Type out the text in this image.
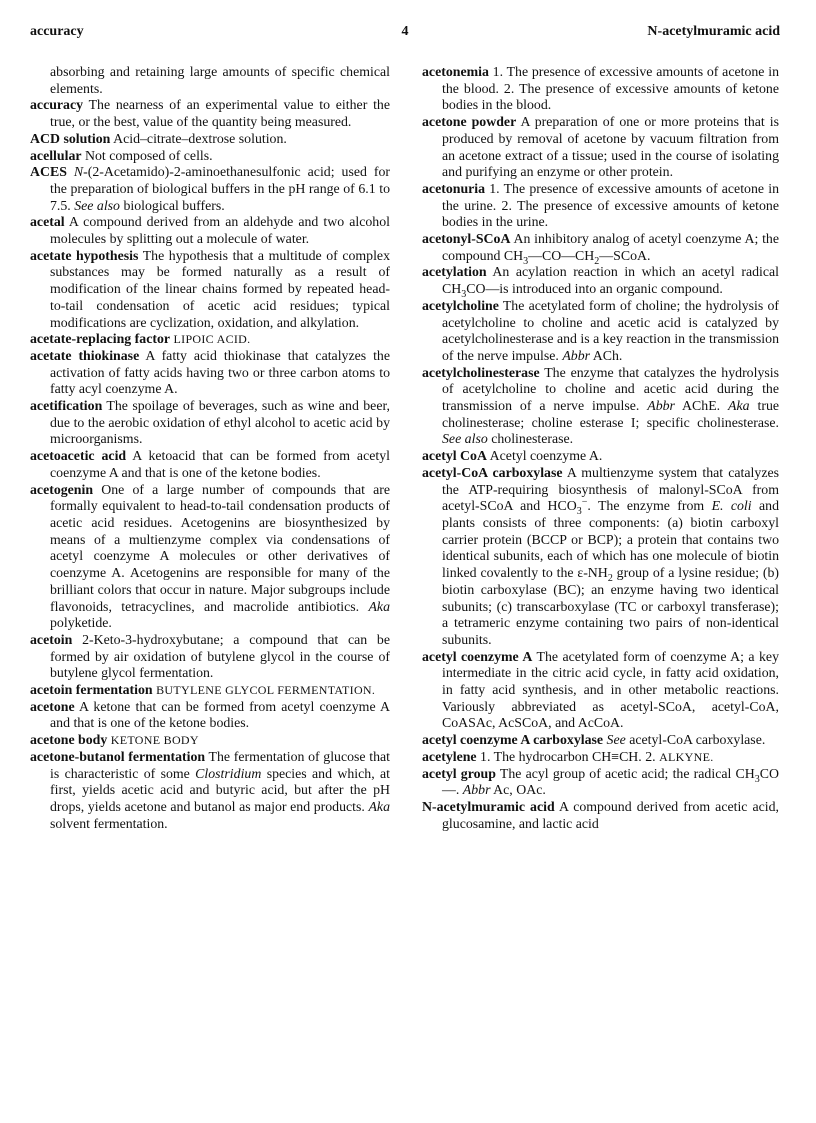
accuracy	4	N-acetylmuramic acid

absorbing and retaining large amounts of specific chemical elements.

accuracy The nearness of an experimental value to either the true, or the best, value of the quantity being measured.

ACD solution Acid–citrate–dextrose solution.

acellular Not composed of cells.

ACES N-(2-Acetamido)-2-aminoethanesulfonic acid; used for the preparation of biological buffers in the pH range of 6.1 to 7.5. See also biological buffers.

acetal A compound derived from an aldehyde and two alcohol molecules by splitting out a molecule of water.

acetate hypothesis The hypothesis that a multitude of complex substances may be formed naturally as a result of modification of the linear chains formed by repeated head-to-tail condensation of acetic acid residues; typical modifications are cyclization, oxidation, and alkylation.

acetate-replacing factor LIPOIC ACID.

acetate thiokinase A fatty acid thiokinase that catalyzes the activation of fatty acids having two or three carbon atoms to fatty acyl coenzyme A.

acetification The spoilage of beverages, such as wine and beer, due to the aerobic oxidation of ethyl alcohol to acetic acid by microorganisms.

acetoacetic acid A ketoacid that can be formed from acetyl coenzyme A and that is one of the ketone bodies.

acetogenin One of a large number of compounds that are formally equivalent to head-to-tail condensation products of acetic acid residues. Acetogenins are biosynthesized by means of a multienzyme complex via condensations of acetyl coenzyme A molecules or other derivatives of coenzyme A. Acetogenins are responsible for many of the brilliant colors that occur in nature. Major subgroups include flavonoids, tetracyclines, and macrolide antibiotics. Aka polyketide.

acetoin 2-Keto-3-hydroxybutane; a compound that can be formed by air oxidation of butylene glycol in the course of butylene glycol fermentation.

acetoin fermentation BUTYLENE GLYCOL FERMENTATION.

acetone A ketone that can be formed from acetyl coenzyme A and that is one of the ketone bodies.

acetone body KETONE BODY

acetone-butanol fermentation The fermentation of glucose that is characteristic of some Clostridium species and which, at first, yields acetic acid and butyric acid, but after the pH drops, yields acetone and butanol as major end products. Aka solvent fermentation.

acetonemia 1. The presence of excessive amounts of acetone in the blood. 2. The presence of excessive amounts of ketone bodies in the blood.

acetone powder A preparation of one or more proteins that is produced by removal of acetone by vacuum filtration from an acetone extract of a tissue; used in the course of isolating and purifying an enzyme or other protein.

acetonuria 1. The presence of excessive amounts of acetone in the urine. 2. The presence of excessive amounts of ketone bodies in the urine.

acetonyl-SCoA An inhibitory analog of acetyl coenzyme A; the compound $CH_3—CO—CH_2—SCoA$.

acetylation An acylation reaction in which an acetyl radical $CH_3CO—is$ introduced into an organic compound.

acetylcholine The acetylated form of choline; the hydrolysis of acetylcholine to choline and acetic acid is catalyzed by acetylcholinesterase and is a key reaction in the transmission of the nerve impulse. Abbr ACh.

acetylcholinesterase The enzyme that catalyzes the hydrolysis of acetylcholine to choline and acetic acid during the transmission of a nerve impulse. Abbr AChE. Aka true cholinesterase; choline esterase I; specific cholinesterase. See also cholinesterase.

acetyl CoA Acetyl coenzyme A.

acetyl-CoA carboxylase A multienzyme system that catalyzes the ATP-requiring biosynthesis of malonyl-SCoA from acetyl-SCoA and $HCO_3^-$. The enzyme from E. coli and plants consists of three components: (a) biotin carboxyl carrier protein (BCCP or BCP); a protein that contains two identical subunits, each of which has one molecule of biotin linked covalently to the $\varepsilon-NH_2$ group of a lysine residue; (b) biotin carboxylase (BC); an enzyme having two identical subunits; (c) transcarboxylase (TC or carboxyl transferase); a tetrameric enzyme containing two pairs of non-identical subunits.

acetyl coenzyme A The acetylated form of coenzyme A; a key intermediate in the citric acid cycle, in fatty acid oxidation, in fatty acid synthesis, and in other metabolic reactions. Variously abbreviated as acetyl-SCoA, acetyl-CoA, CoASAc, AcSCoA, and AcCoA.

acetyl coenzyme A carboxylase See acetyl-CoA carboxylase.

acetylene 1. The hydrocarbon CH≡CH. 2. ALKYNE.

acetyl group The acyl group of acetic acid; the radical $CH_3CO—$. Abbr Ac, OAc.

N-acetylmuramic acid A compound derived from acetic acid, glucosamine, and lactic acid
